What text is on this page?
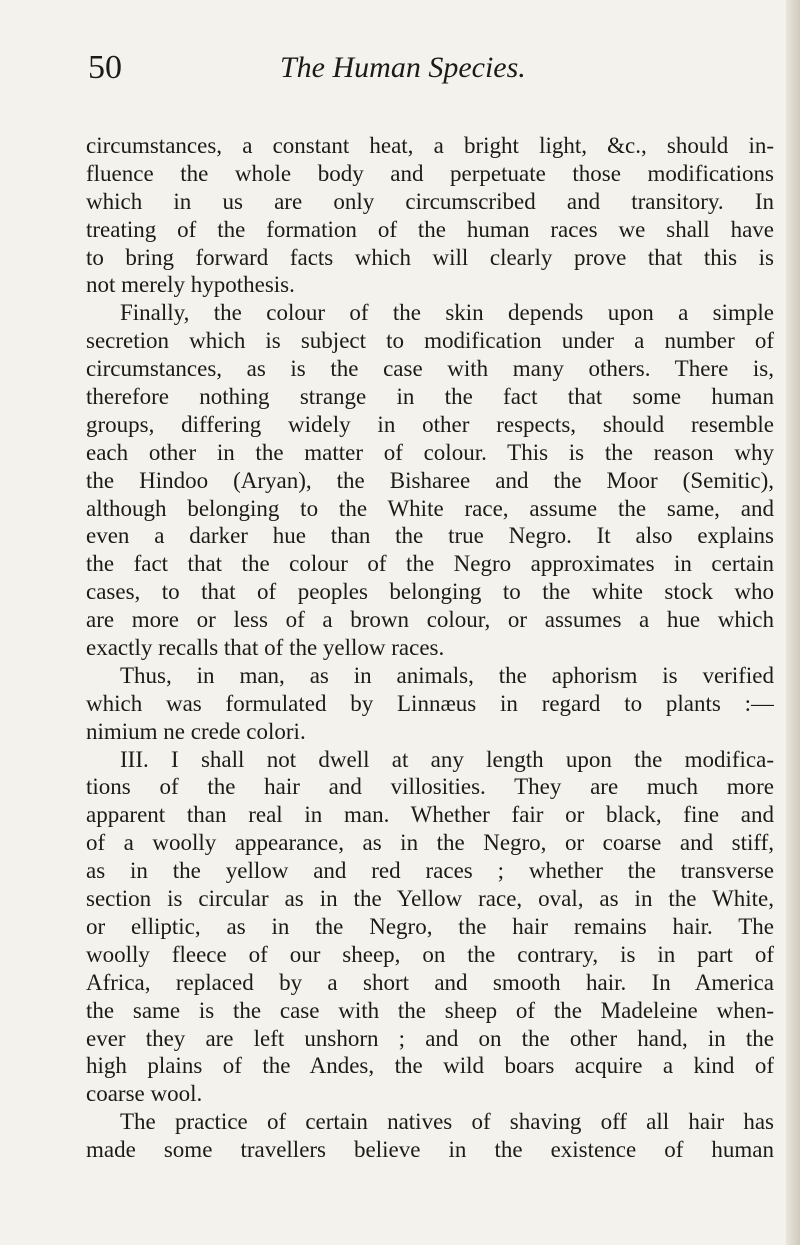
50	The Human Species.
circumstances, a constant heat, a bright light, &c., should in-
fluence the whole body and perpetuate those modifications
which in us are only circumscribed and transitory. In
treating of the formation of the human races we shall have
to bring forward facts which will clearly prove that this is
not merely hypothesis.
Finally, the colour of the skin depends upon a simple
secretion which is subject to modification under a number of
circumstances, as is the case with many others. There is,
therefore nothing strange in the fact that some human
groups, differing widely in other respects, should resemble
each other in the matter of colour. This is the reason why
the Hindoo (Aryan), the Bisharee and the Moor (Semitic),
although belonging to the White race, assume the same, and
even a darker hue than the true Negro. It also explains
the fact that the colour of the Negro approximates in certain
cases, to that of peoples belonging to the white stock who
are more or less of a brown colour, or assumes a hue which
exactly recalls that of the yellow races.
Thus, in man, as in animals, the aphorism is verified
which was formulated by Linnæus in regard to plants :—
nimium ne crede colori.
III. I shall not dwell at any length upon the modifica-
tions of the hair and villosities. They are much more
apparent than real in man. Whether fair or black, fine and
of a woolly appearance, as in the Negro, or coarse and stiff,
as in the yellow and red races ; whether the transverse
section is circular as in the Yellow race, oval, as in the White,
or elliptic, as in the Negro, the hair remains hair. The
woolly fleece of our sheep, on the contrary, is in part of
Africa, replaced by a short and smooth hair. In America
the same is the case with the sheep of the Madeleine when-
ever they are left unshorn ; and on the other hand, in the
high plains of the Andes, the wild boars acquire a kind of
coarse wool.
The practice of certain natives of shaving off all hair has
made some travellers believe in the existence of human
